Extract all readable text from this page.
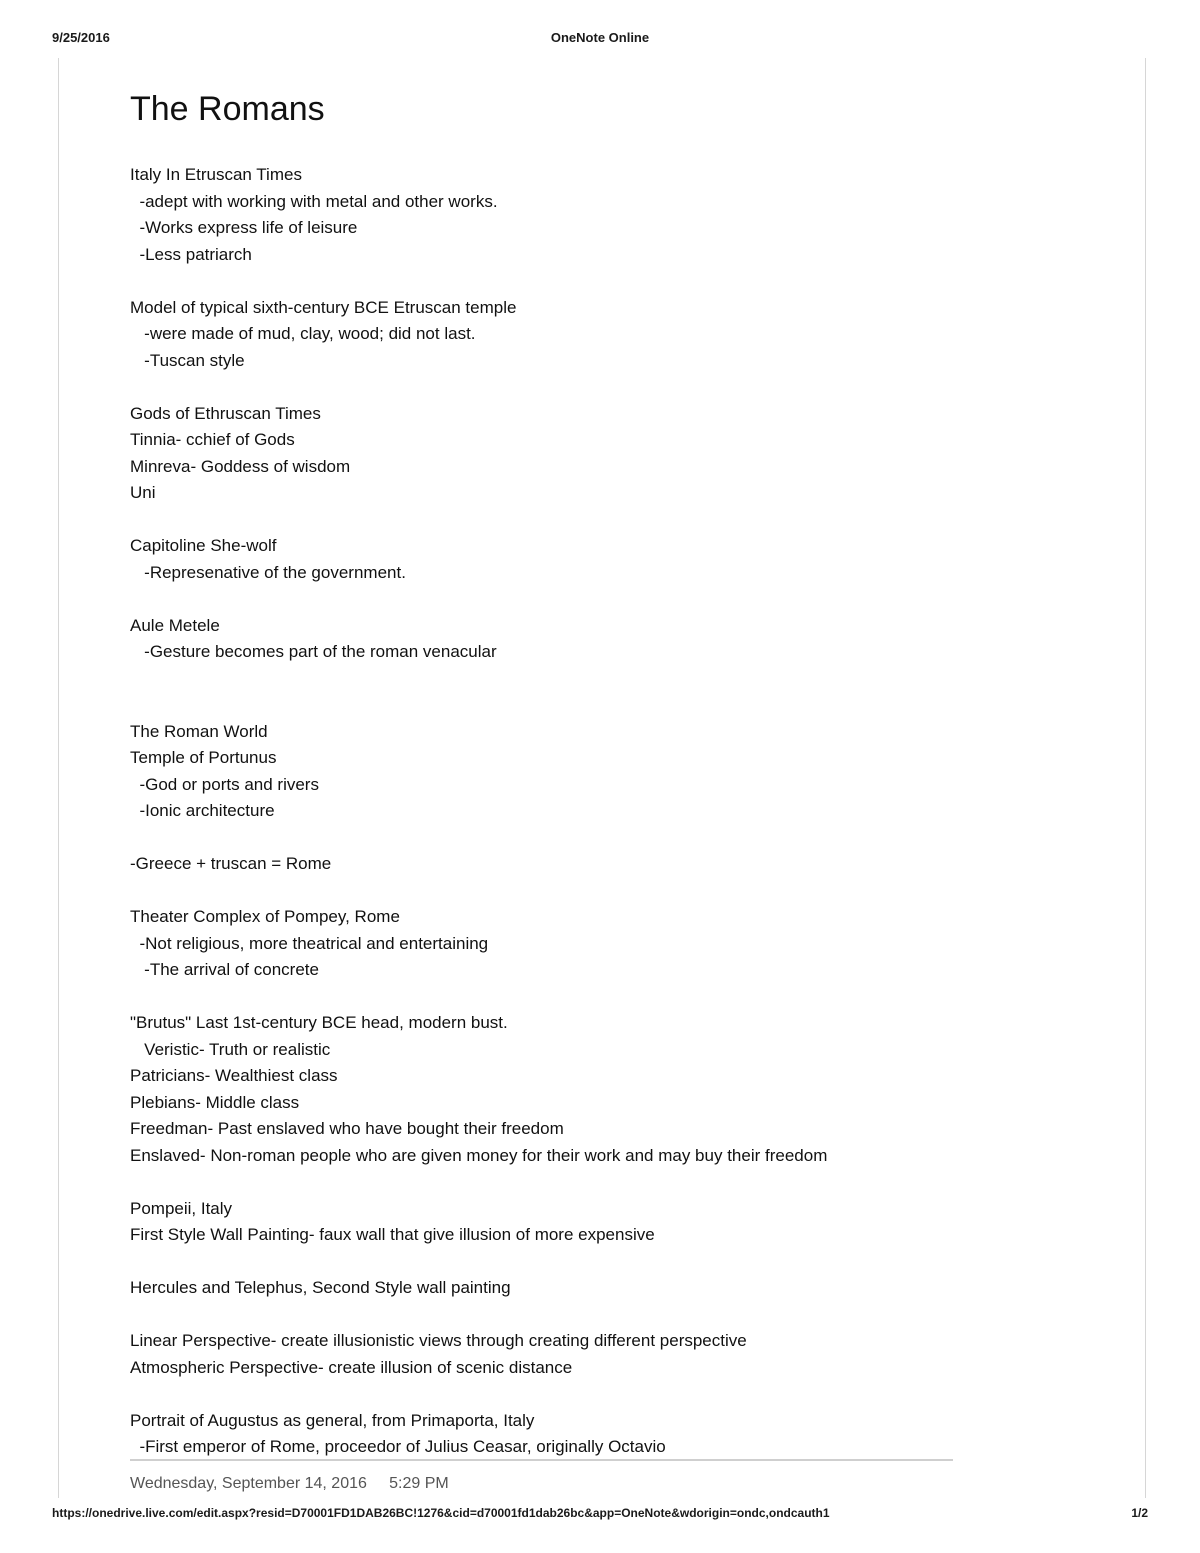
9/25/2016	OneNote Online
The Romans
Italy In Etruscan Times
-adept with working with metal and other works.
-Works express life of leisure
-Less patriarch
Model of typical sixth-century BCE Etruscan temple
-were made of mud, clay, wood; did not last.
-Tuscan style
Gods of Ethruscan Times
Tinnia- cchief of Gods
Minreva- Goddess of wisdom
Uni
Capitoline She-wolf
-Represenative of the government.
Aule Metele
-Gesture becomes part of the roman venacular
The Roman World
Temple of Portunus
-God or ports and rivers
-Ionic architecture
-Greece + truscan = Rome
Theater Complex of Pompey, Rome
-Not religious, more theatrical and entertaining
-The arrival of concrete
"Brutus" Last 1st-century BCE head, modern bust.
Veristic- Truth or realistic
Patricians- Wealthiest class
Plebians- Middle class
Freedman- Past enslaved who have bought their freedom
Enslaved- Non-roman people who are given money for their work and may buy their freedom
Pompeii, Italy
First Style Wall Painting- faux wall that give illusion of more expensive
Hercules and Telephus, Second Style wall painting
Linear Perspective- create illusionistic views through creating different perspective
Atmospheric Perspective- create illusion of scenic distance
Portrait of Augustus as general, from Primaporta, Italy
-First emperor of Rome, proceedor of Julius Ceasar, originally Octavio
Wednesday, September 14, 2016     5:29 PM
https://onedrive.live.com/edit.aspx?resid=D70001FD1DAB26BC!1276&cid=d70001fd1dab26bc&app=OneNote&wdorigin=ondc,ondcauth1	1/2
